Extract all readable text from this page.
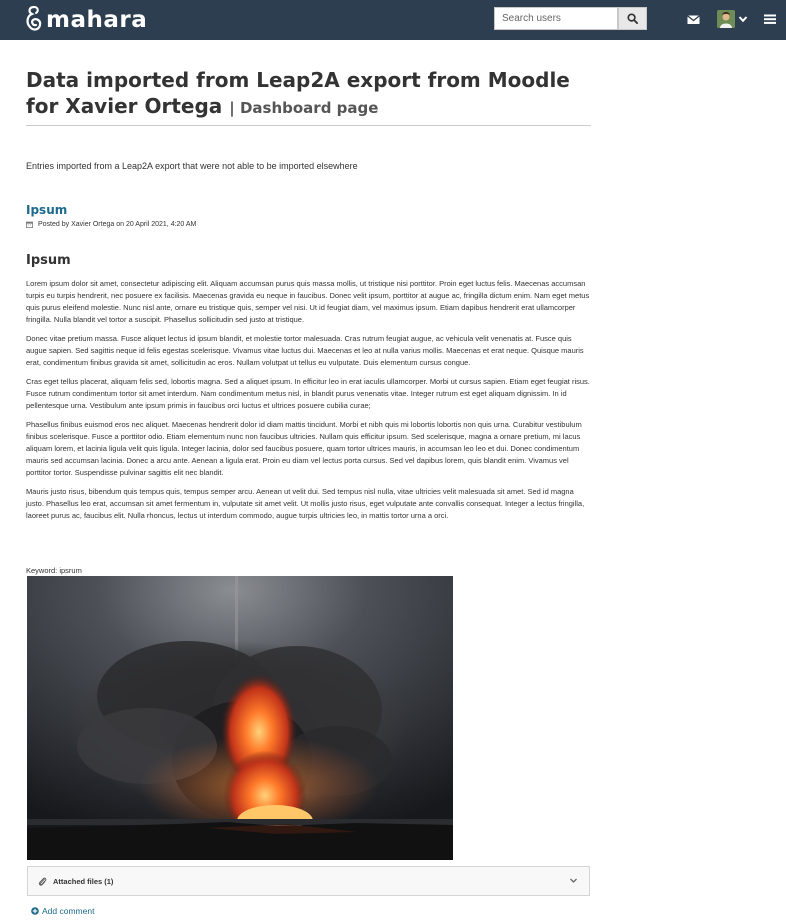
mahara
Search users
Data imported from Leap2A export from Moodle for Xavier Ortega | Dashboard page
Entries imported from a Leap2A export that were not able to be imported elsewhere
Ipsum
Posted by Xavier Ortega on 20 April 2021, 4:20 AM
Ipsum

Lorem ipsum dolor sit amet, consectetur adipiscing elit. Aliquam accumsan purus quis massa mollis, ut tristique nisi porttitor. Proin eget luctus felis. Maecenas accumsan turpis eu turpis hendrerit, nec posuere ex facilisis. Maecenas gravida eu neque in faucibus. Donec velit ipsum, porttitor at augue ac, fringilla dictum enim. Nam eget metus quis purus eleifend molestie. Nunc nisl ante, ornare eu tristique quis, semper vel nisi. Ut id feugiat diam, vel maximus ipsum. Etiam dapibus hendrerit erat ullamcorper fringilla. Nulla blandit vel tortor a suscipit. Phasellus sollicitudin sed justo at tristique.

Donec vitae pretium massa. Fusce aliquet lectus id ipsum blandit, et molestie tortor malesuada. Cras rutrum feugiat augue, ac vehicula velit venenatis at. Fusce quis augue sapien. Sed sagittis neque id felis egestas scelerisque. Vivamus vitae luctus dui. Maecenas et leo at nulla varius mollis. Maecenas et erat neque. Quisque mauris erat, condimentum finibus gravida sit amet, sollicitudin ac eros. Nullam volutpat ut tellus eu vulputate. Duis elementum cursus congue.

Cras eget tellus placerat, aliquam felis sed, lobortis magna. Sed a aliquet ipsum. In efficitur leo in erat iaculis ullamcorper. Morbi ut cursus sapien. Etiam eget feugiat risus. Fusce rutrum condimentum tortor sit amet interdum. Nam condimentum metus nisl, in blandit purus venenatis vitae. Integer rutrum est eget aliquam dignissim. In id pellentesque urna. Vestibulum ante ipsum primis in faucibus orci luctus et ultrices posuere cubilia curae;

Phasellus finibus euismod eros nec aliquet. Maecenas hendrerit dolor id diam mattis tincidunt. Morbi et nibh quis mi lobortis lobortis non quis urna. Curabitur vestibulum finibus scelerisque. Fusce a porttitor odio. Etiam elementum nunc non faucibus ultricies. Nullam quis efficitur ipsum. Sed scelerisque, magna a ornare pretium, mi lacus aliquam lorem, et lacinia ligula velit quis ligula. Integer lacinia, dolor sed faucibus posuere, quam tortor ultrices mauris, in accumsan leo leo et dui. Donec condimentum mauris sed accumsan lacinia. Donec a arcu ante. Aenean a ligula erat. Proin eu diam vel lectus porta cursus. Sed vel dapibus lorem, quis blandit enim. Vivamus vel porttitor tortor. Suspendisse pulvinar sagittis elit nec blandit.

Mauris justo risus, bibendum quis tempus quis, tempus semper arcu. Aenean ut velit dui. Sed tempus nisl nulla, vitae ultricies velit malesuada sit amet. Sed id magna justo. Phasellus leo erat, accumsan sit amet fermentum in, vulputate sit amet velit. Ut mollis justo risus, eget vulputate ante convallis consequat. Integer a lectus fringilla, laoreet purus ac, faucibus elit. Nulla rhoncus, lectus ut interdum commodo, augue turpis ultricies leo, in mattis tortor urna a orci.

Keyword: ipsrum
Attached files (1)
Add comment
